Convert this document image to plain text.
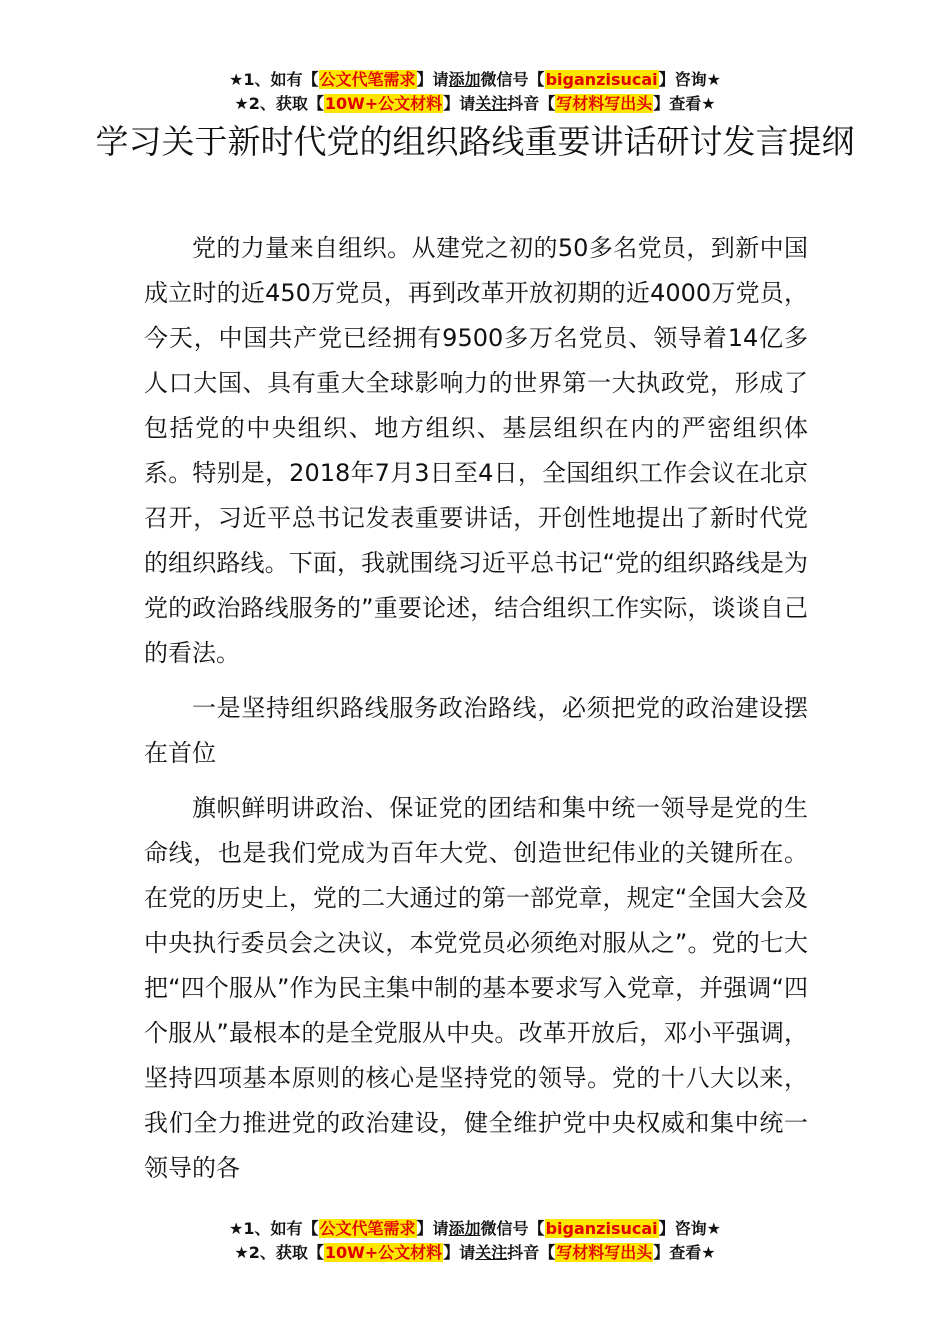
★1、如有【公文代笔需求】请添加微信号【biganzisucai】咨询★
★2、获取【10W+公文材料】请关注抖音【写材料写出头】查看★
学习关于新时代党的组织路线重要讲话研讨发言提纲

党的力量来自组织。从建党之初的50多名党员，到新中国成立时的近450万党员，再到改革开放初期的近4000万党员，今天，中国共产党已经拥有9500多万名党员、领导着14亿多人口大国、具有重大全球影响力的世界第一大执政党，形成了包括党的中央组织、地方组织、基层组织在内的严密组织体系。特别是，2018年7月3日至4日，全国组织工作会议在北京召开，习近平总书记发表重要讲话，开创性地提出了新时代党的组织路线。下面，我就围绕习近平总书记“党的组织路线是为党的政治路线服务的”重要论述，结合组织工作实际，谈谈自己的看法。

一是坚持组织路线服务政治路线，必须把党的政治建设摆在首位

旗帜鲜明讲政治、保证党的团结和集中统一领导是党的生命线，也是我们党成为百年大党、创造世纪伟业的关键所在。在党的历史上，党的二大通过的第一部党章，规定“全国大会及中央执行委员会之决议，本党党员必须绝对服从之”。党的七大把“四个服从”作为民主集中制的基本要求写入党章，并强调“四个服从”最根本的是全党服从中央。改革开放后，邓小平强调，坚持四项基本原则的核心是坚持党的领导。党的十八大以来，我们全力推进党的政治建设，健全维护党中央权威和集中统一领导的各

★1、如有【公文代笔需求】请添加微信号【biganzisucai】咨询★
★2、获取【10W+公文材料】请关注抖音【写材料写出头】查看★
